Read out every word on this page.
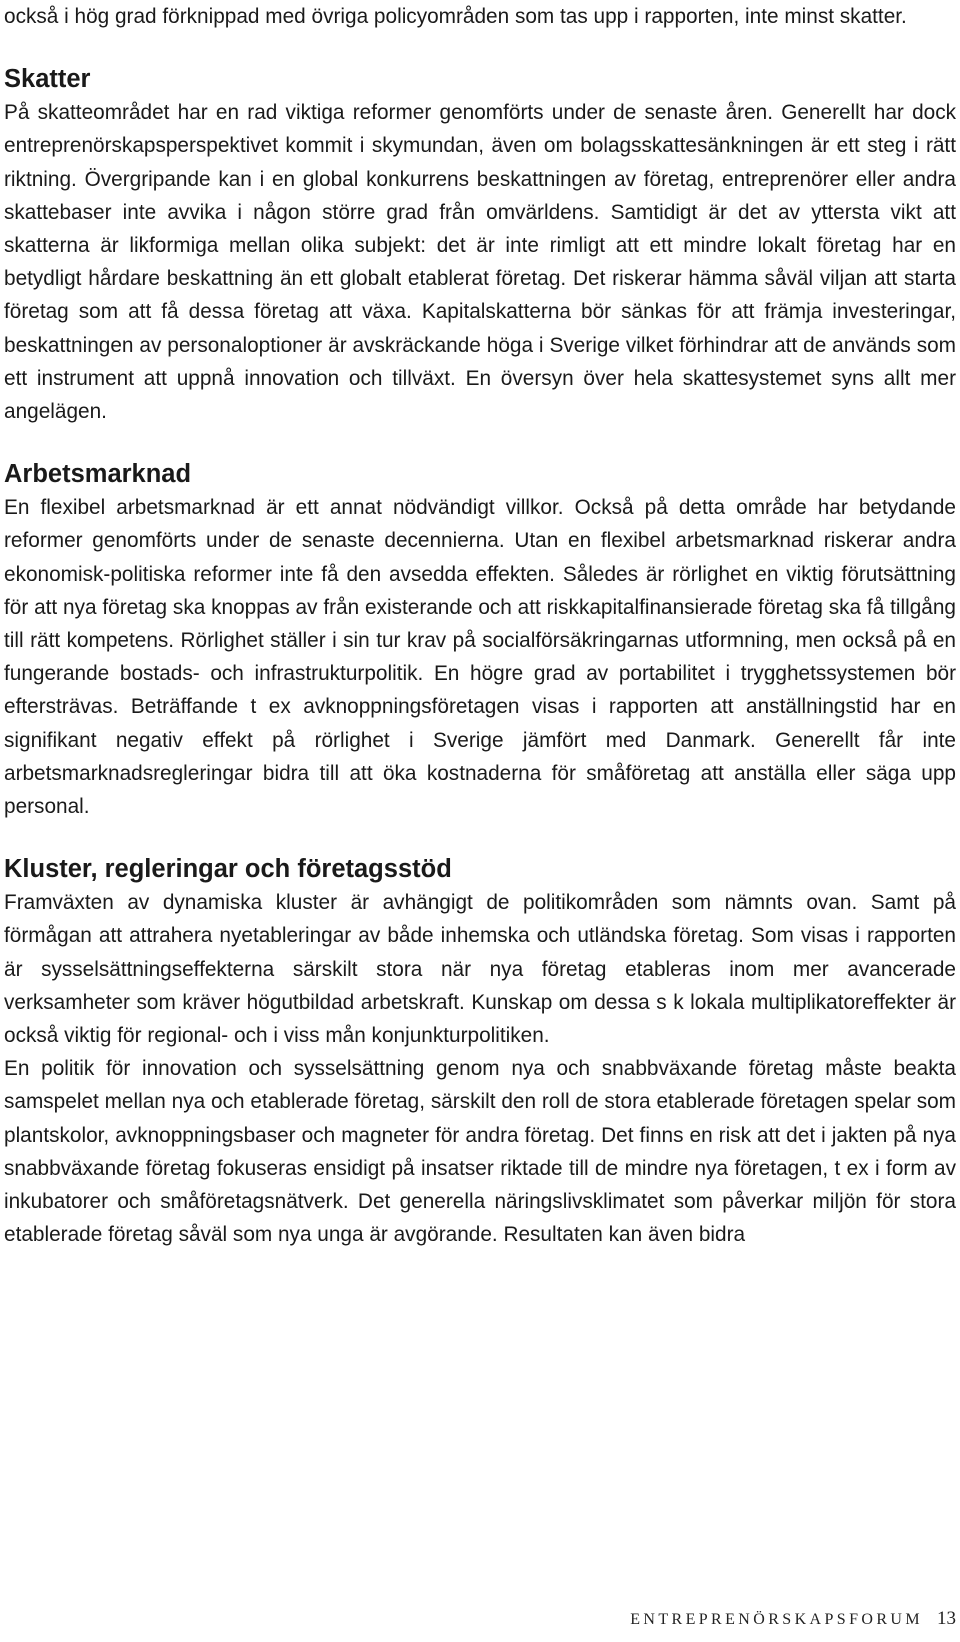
också i hög grad förknippad med övriga policyområden som tas upp i rapporten, inte minst skatter.

Skatter

På skatteområdet har en rad viktiga reformer genomförts under de senaste åren. Generellt har dock entreprenörskapsperspektivet kommit i skymundan, även om bolagsskattesänkningen är ett steg i rätt riktning. Övergripande kan i en global konkurrens beskattningen av företag, entreprenörer eller andra skattebaser inte avvika i någon större grad från omvärldens. Samtidigt är det av yttersta vikt att skatterna är likformiga mellan olika subjekt: det är inte rimligt att ett mindre lokalt företag har en betydligt hårdare beskattning än ett globalt etablerat företag. Det riskerar hämma såväl viljan att starta företag som att få dessa företag att växa. Kapitalskatterna bör sänkas för att främja investeringar, beskattningen av personaloptioner är avskräckande höga i Sverige vilket förhindrar att de används som ett instrument att uppnå innovation och tillväxt. En översyn över hela skattesystemet syns allt mer angelägen.

Arbetsmarknad

En flexibel arbetsmarknad är ett annat nödvändigt villkor. Också på detta område har betydande reformer genomförts under de senaste decennierna. Utan en flexibel arbetsmarknad riskerar andra ekonomisk-politiska reformer inte få den avsedda effekten. Således är rörlighet en viktig förutsättning för att nya företag ska knoppas av från existerande och att riskkapitalfinansierade företag ska få tillgång till rätt kompetens. Rörlighet ställer i sin tur krav på socialförsäkringarnas utformning, men också på en fungerande bostads- och infrastrukturpolitik. En högre grad av portabilitet i trygghetssystemen bör eftersträvas. Beträffande t ex avknoppningsföretagen visas i rapporten att anställningstid har en signifikant negativ effekt på rörlighet i Sverige jämfört med Danmark. Generellt får inte arbetsmarknadsregleringar bidra till att öka kostnaderna för småföretag att anställa eller säga upp personal.

Kluster, regleringar och företagsstöd

Framväxten av dynamiska kluster är avhängigt de politikområden som nämnts ovan. Samt på förmågan att attrahera nyetableringar av både inhemska och utländska företag. Som visas i rapporten är sysselsättningseffekterna särskilt stora när nya företag etableras inom mer avancerade verksamheter som kräver högutbildad arbetskraft. Kunskap om dessa s k lokala multiplikatoreffekter är också viktig för regional- och i viss mån konjunkturpolitiken.

En politik för innovation och sysselsättning genom nya och snabbväxande företag måste beakta samspelet mellan nya och etablerade företag, särskilt den roll de stora etablerade företagen spelar som plantskolor, avknoppningsbaser och magneter för andra företag. Det finns en risk att det i jakten på nya snabbväxande företag fokuseras ensidigt på insatser riktade till de mindre nya företagen, t ex i form av inkubatorer och småföretagsnätverk. Det generella näringslivsklimatet som påverkar miljön för stora etablerade företag såväl som nya unga är avgörande. Resultaten kan även bidra

ENTREPRENÖRSKAPSFORUM 13
